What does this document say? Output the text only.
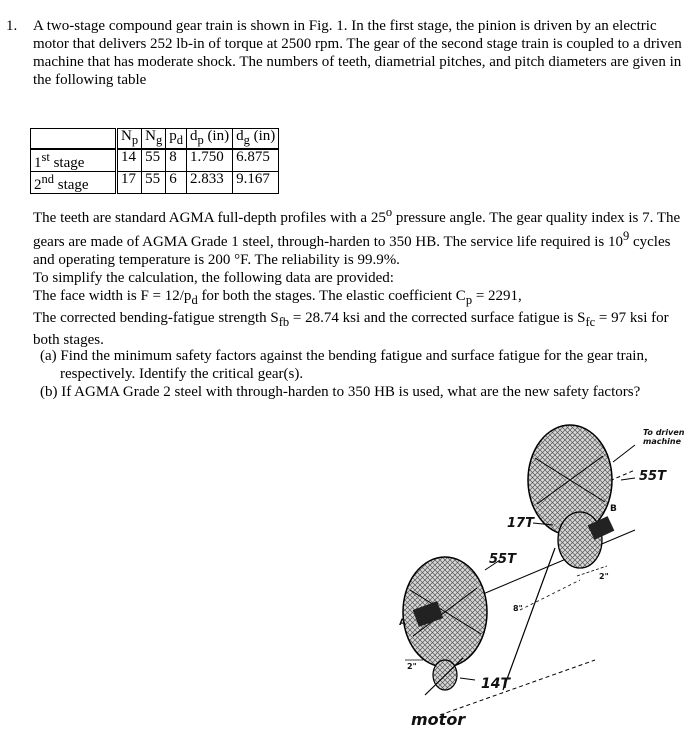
1. A two-stage compound gear train is shown in Fig. 1. In the first stage, the pinion is driven by an electric motor that delivers 252 lb-in of torque at 2500 rpm. The gear of the second stage train is coupled to a driven machine that has moderate shock. The numbers of teeth, diametrial pitches, and pitch diameters are given in the following table
	$N_p$	$N_g$	$p_d$	$d_p$ (in)	$d_g$ (in)
1st stage	14	55	8	1.750	6.875
2nd stage	17	55	6	2.833	9.167

The teeth are standard AGMA full-depth profiles with a 25$^o$ pressure angle. The gear quality index is 7. The gears are made of AGMA Grade 1 steel, through-harden to 350 HB. The service life required is $10^9$ cycles and operating temperature is 200 °F. The reliability is 99.9%.

To simplify the calculation, the following data are provided:

The face width is $F = 12/p_d$ for both the stages. The elastic coefficient $C_p = 2291$,

The corrected bending-fatigue strength $S_{fb} = 28.74$ ksi and the corrected surface fatigue is $S_{fc} = 97$ ksi for both stages.

(a) Find the minimum safety factors against the bending fatigue and surface fatigue for the gear train, respectively. Identify the critical gear(s).

(b) If AGMA Grade 2 steel with through-harden to 350 HB is used, what are the new safety factors?

To driven
machine
55T
17T
55T
14T
motor
A
B
2"
2"
8"
